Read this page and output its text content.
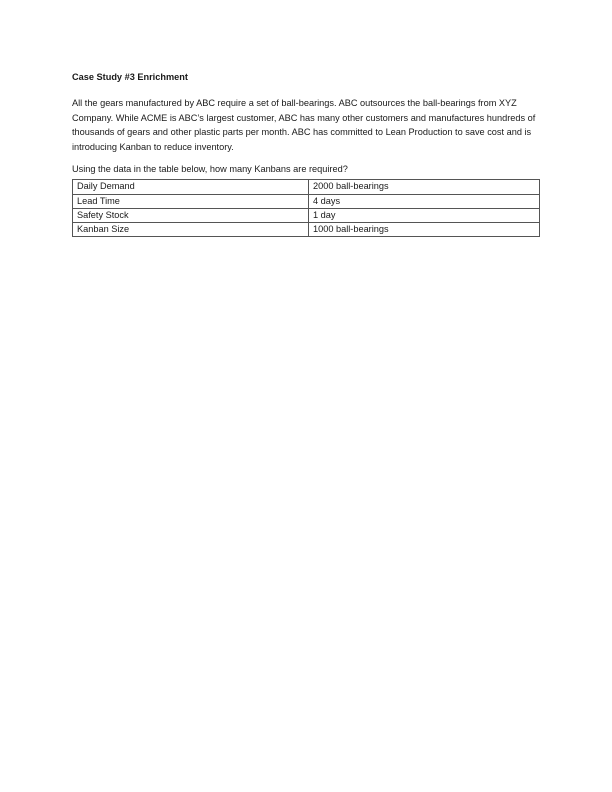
Case Study #3 Enrichment

All the gears manufactured by ABC require a set of ball-bearings. ABC outsources the ball-bearings from XYZ Company. While ACME is ABC’s largest customer, ABC has many other customers and manufactures hundreds of thousands of gears and other plastic parts per month. ABC has committed to Lean Production to save cost and is introducing Kanban to reduce inventory.

Using the data in the table below, how many Kanbans are required?

Daily Demand	2000 ball-bearings
Lead Time	4 days
Safety Stock	1 day
Kanban Size	1000 ball-bearings
